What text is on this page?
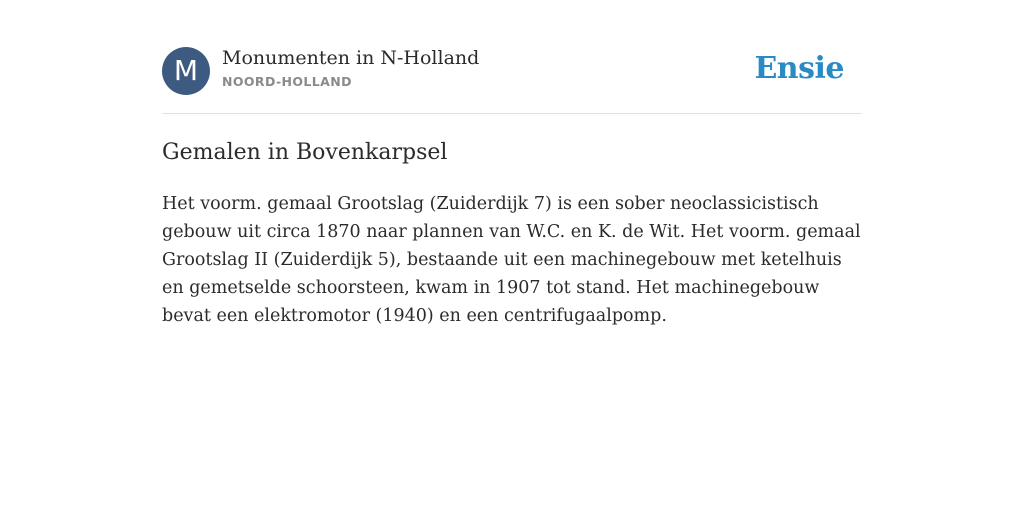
M	Monumenten in N-Holland
NOORD-HOLLAND	Ensie
Gemalen in Bovenkarpsel

Het voorm. gemaal Grootslag (Zuiderdijk 7) is een sober neoclassicistisch gebouw uit circa 1870 naar plannen van W.C. en K. de Wit. Het voorm. gemaal Grootslag II (Zuiderdijk 5), bestaande uit een machinegebouw met ketelhuis en gemetselde schoorsteen, kwam in 1907 tot stand. Het machinegebouw bevat een elektromotor (1940) en een centrifugaalpomp.
